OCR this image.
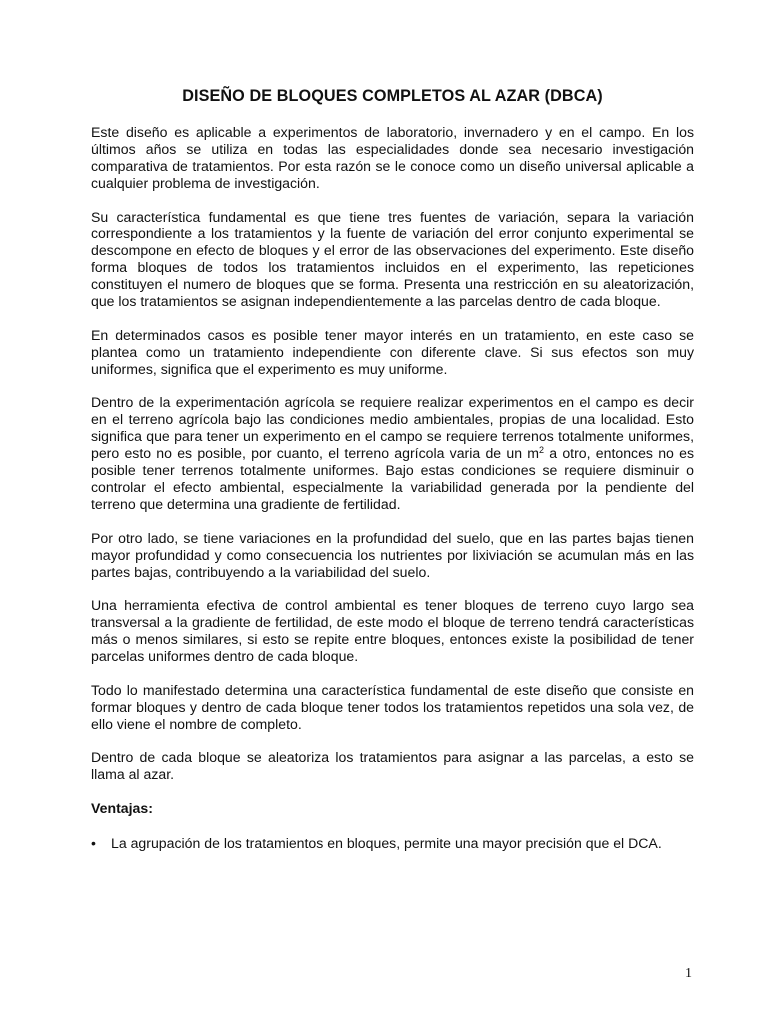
DISEÑO DE BLOQUES COMPLETOS AL AZAR (DBCA)

Este diseño es aplicable a experimentos de laboratorio, invernadero y en el campo. En los últimos años se utiliza en todas las especialidades donde sea necesario investigación comparativa de tratamientos. Por esta razón se le conoce como un diseño universal aplicable a cualquier problema de investigación.

Su característica fundamental es que tiene tres fuentes de variación, separa la variación correspondiente a los tratamientos y la fuente de variación del error conjunto experimental se descompone en efecto de bloques y el error de las observaciones del experimento. Este diseño forma bloques de todos los tratamientos incluidos en el experimento, las repeticiones constituyen el numero de bloques que se forma. Presenta una restricción en su aleatorización, que los tratamientos se asignan independientemente a las parcelas dentro de cada bloque.

En determinados casos es posible tener mayor interés en un tratamiento, en este caso se plantea como un tratamiento independiente con diferente clave. Si sus efectos son muy uniformes, significa que el experimento es muy uniforme.

Dentro de la experimentación agrícola se requiere realizar experimentos en el campo es decir en el terreno agrícola bajo las condiciones medio ambientales, propias de una localidad. Esto significa que para tener un experimento en el campo se requiere terrenos totalmente uniformes, pero esto no es posible, por cuanto, el terreno agrícola varia de un $m^2$ a otro, entonces no es posible tener terrenos totalmente uniformes. Bajo estas condiciones se requiere disminuir o controlar el efecto ambiental, especialmente la variabilidad generada por la pendiente del terreno que determina una gradiente de fertilidad.

Por otro lado, se tiene variaciones en la profundidad del suelo, que en las partes bajas tienen mayor profundidad y como consecuencia los nutrientes por lixiviación se acumulan más en las partes bajas, contribuyendo a la variabilidad del suelo.

Una herramienta efectiva de control ambiental es tener bloques de terreno cuyo largo sea transversal a la gradiente de fertilidad, de este modo el bloque de terreno tendrá características más o menos similares, si esto se repite entre bloques, entonces existe la posibilidad de tener parcelas uniformes dentro de cada bloque.

Todo lo manifestado determina una característica fundamental de este diseño que consiste en formar bloques y dentro de cada bloque tener todos los tratamientos repetidos una sola vez, de ello viene el nombre de completo.

Dentro de cada bloque se aleatoriza los tratamientos para asignar a las parcelas, a esto se llama al azar.

Ventajas:
•	La agrupación de los tratamientos en bloques, permite una mayor precisión que el DCA.
1
